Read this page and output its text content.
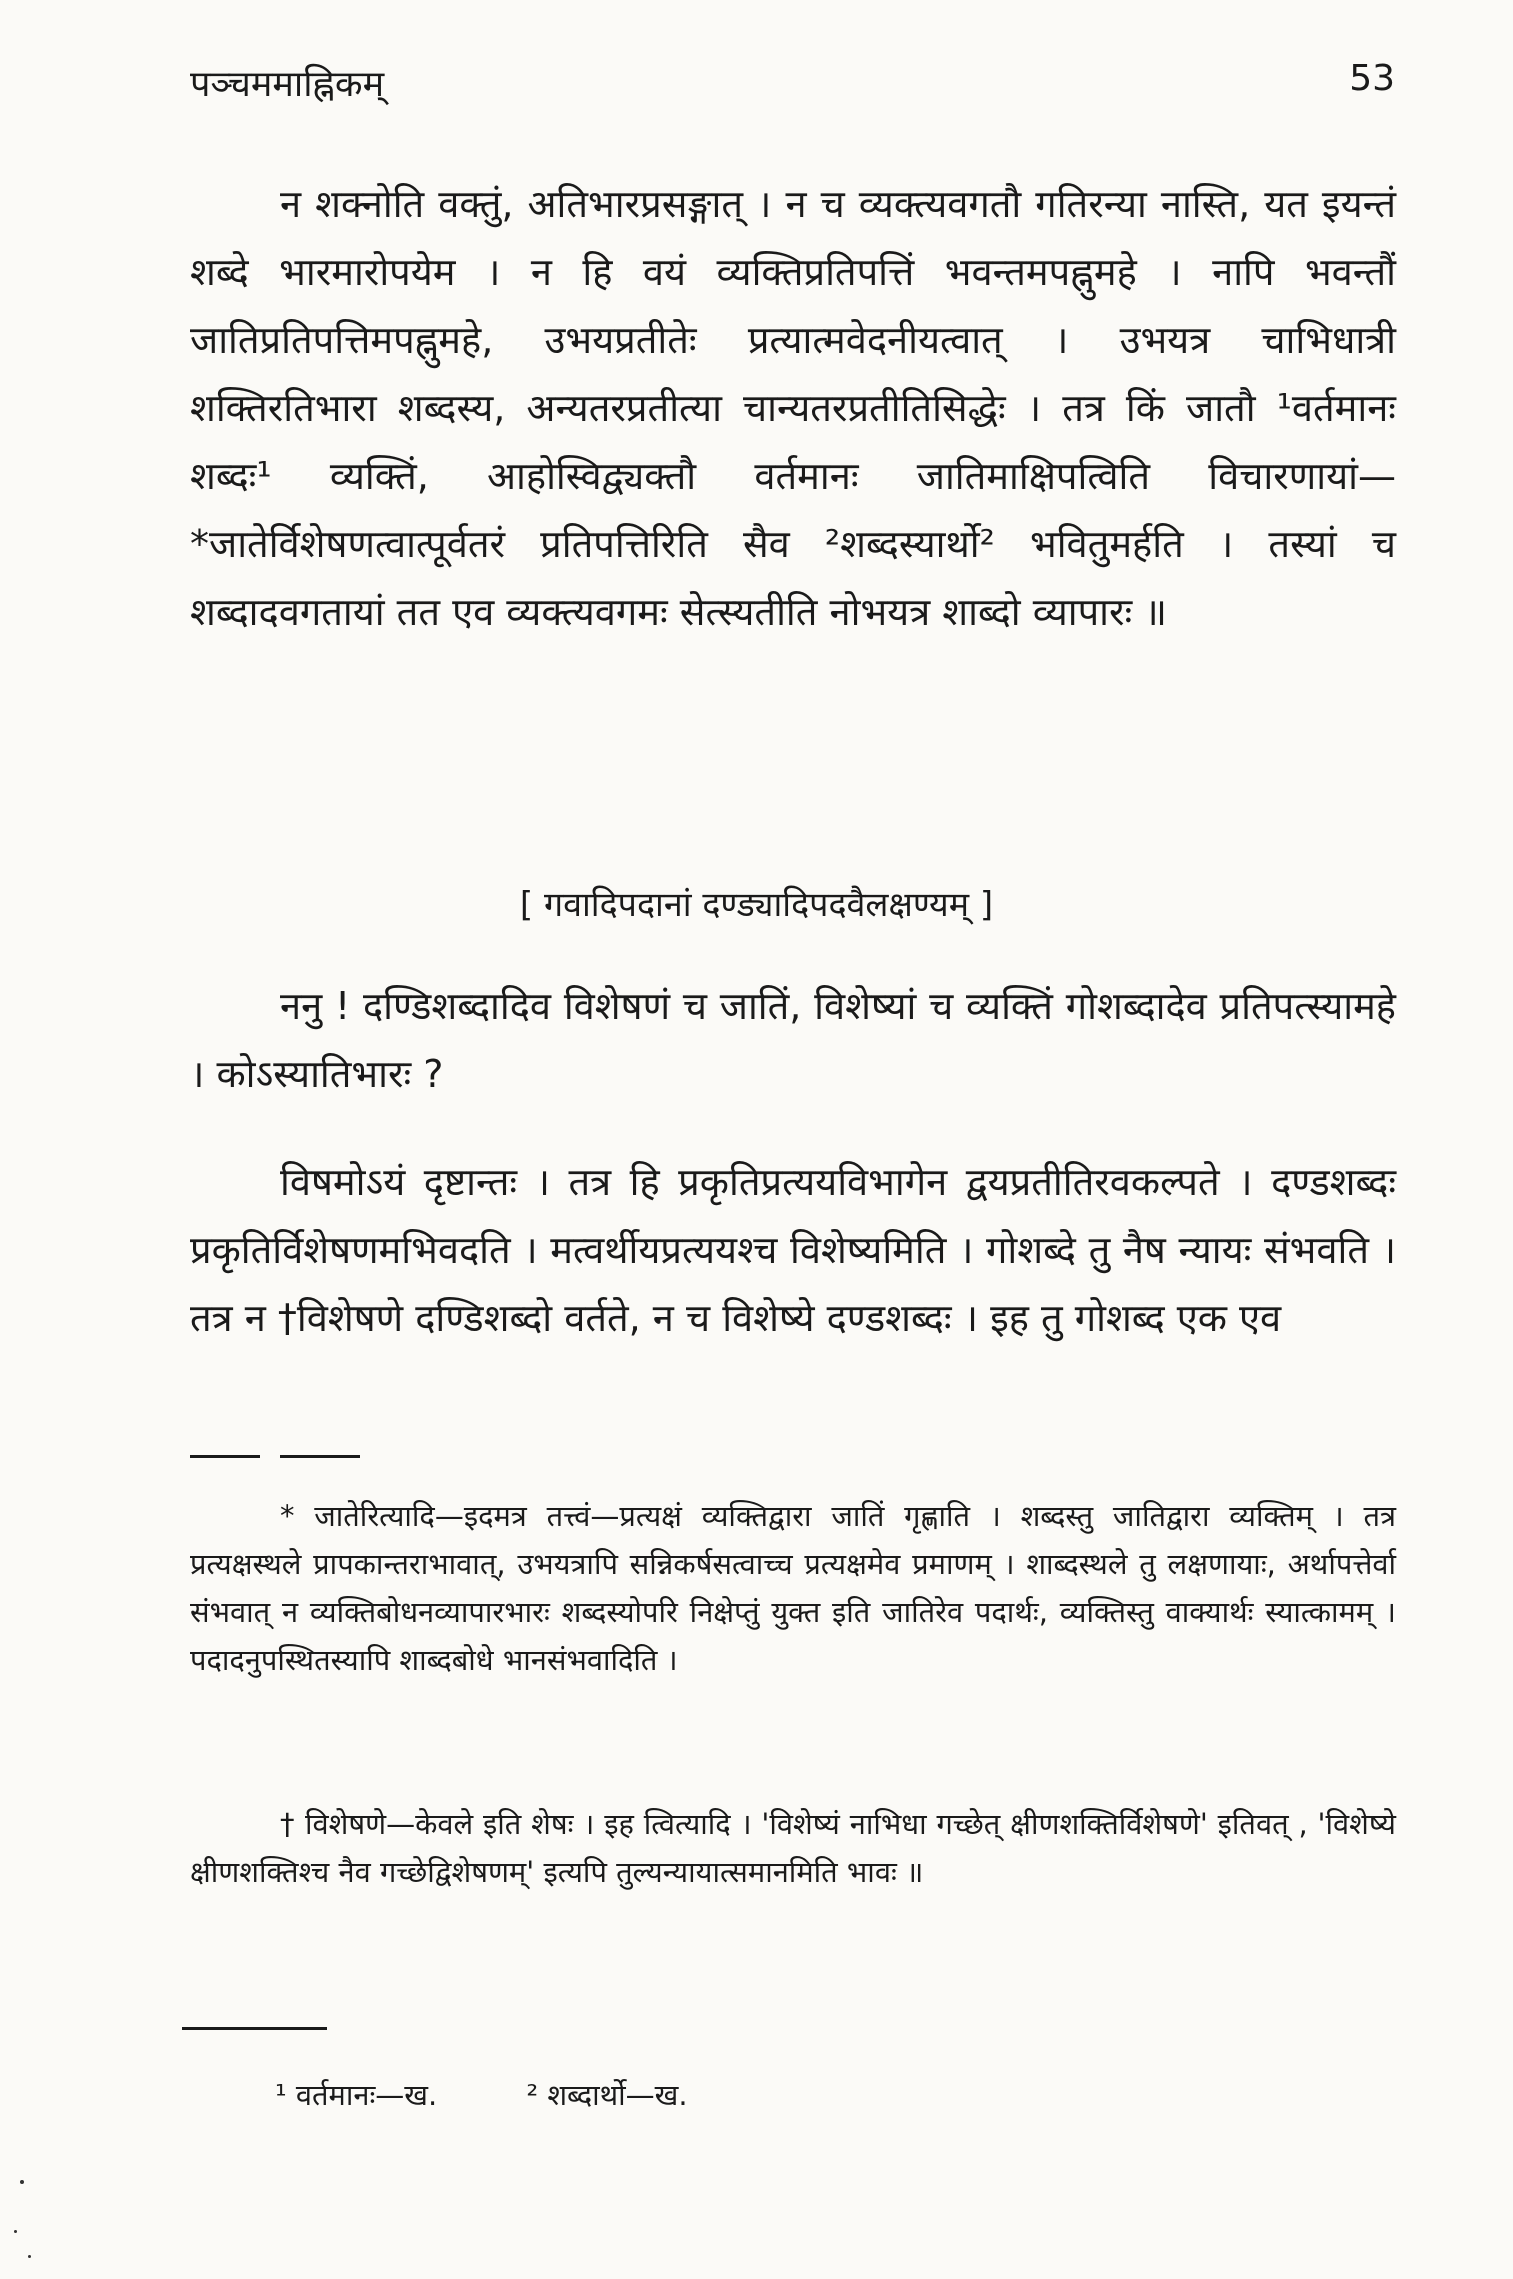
पञ्चममाह्निकम्	53

न शक्नोति वक्तुं, अतिभारप्रसङ्गात् । न च व्यक्त्यवगतौ गतिरन्या नास्ति, यत इयन्तं शब्दे भारमारोपयेम । न हि वयं व्यक्तिप्रतिपत्तिं भवन्तमपह्नुमहे । नापि भवन्तौं जातिप्रतिपत्तिमपह्नुमहे, उभयप्रतीतेः प्रत्यात्मवेदनीयत्वात् । उभयत्र चाभिधात्री शक्तिरतिभारा शब्दस्य, अन्यतरप्रतीत्या चान्यतरप्रतीतिसिद्धेः । तत्र किं जातौ ¹वर्तमानः शब्दः¹ व्यक्तिं, आहोस्विद्व्यक्तौ वर्तमानः जातिमाक्षिपत्विति विचारणायां—*जातेर्विशेषणत्वात्पूर्वतरं प्रतिपत्तिरिति सैव ²शब्दस्यार्थो² भवितुमर्हति । तस्यां च शब्दादवगतायां तत एव व्यक्त्यवगमः सेत्स्यतीति नोभयत्र शाब्दो व्यापारः ॥

[ गवादिपदानां दण्ड्यादिपदवैलक्षण्यम् ]

ननु ! दण्डिशब्दादिव विशेषणं च जातिं, विशेष्यां च व्यक्तिं गोशब्दादेव प्रतिपत्स्यामहे । कोऽस्यातिभारः ?

विषमोऽयं दृष्टान्तः । तत्र हि प्रकृतिप्रत्ययविभागेन द्वयप्रतीतिरवकल्पते । दण्डशब्दः प्रकृतिर्विशेषणमभिवदति । मत्वर्थीयप्रत्ययश्च विशेष्यमिति । गोशब्दे तु नैष न्यायः संभवति । तत्र न †विशेषणे दण्डिशब्दो वर्तते, न च विशेष्ये दण्डशब्दः । इह तु गोशब्द एक एव

* जातेरित्यादि—इदमत्र तत्त्वं—प्रत्यक्षं व्यक्तिद्वारा जातिं गृह्णाति । शब्दस्तु जातिद्वारा व्यक्तिम् । तत्र प्रत्यक्षस्थले प्रापकान्तराभावात्, उभयत्रापि सन्निकर्षसत्वाच्च प्रत्यक्षमेव प्रमाणम् । शाब्दस्थले तु लक्षणायाः, अर्थापत्तेर्वा संभवात् न व्यक्तिबोधनव्यापारभारः शब्दस्योपरि निक्षेप्तुं युक्त इति जातिरेव पदार्थः, व्यक्तिस्तु वाक्यार्थः स्यात्कामम् । पदादनुपस्थितस्यापि शाब्दबोधे भानसंभवादिति ।

† विशेषणे—केवले इति शेषः । इह त्वित्यादि । 'विशेष्यं नाभिधा गच्छेत् क्षीणशक्तिर्विशेषणे' इतिवत् , 'विशेष्ये क्षीणशक्तिश्च नैव गच्छेद्विशेषणम्' इत्यपि तुल्यन्यायात्समानमिति भावः ॥

¹ वर्तमानः—ख.	² शब्दार्थो—ख.
